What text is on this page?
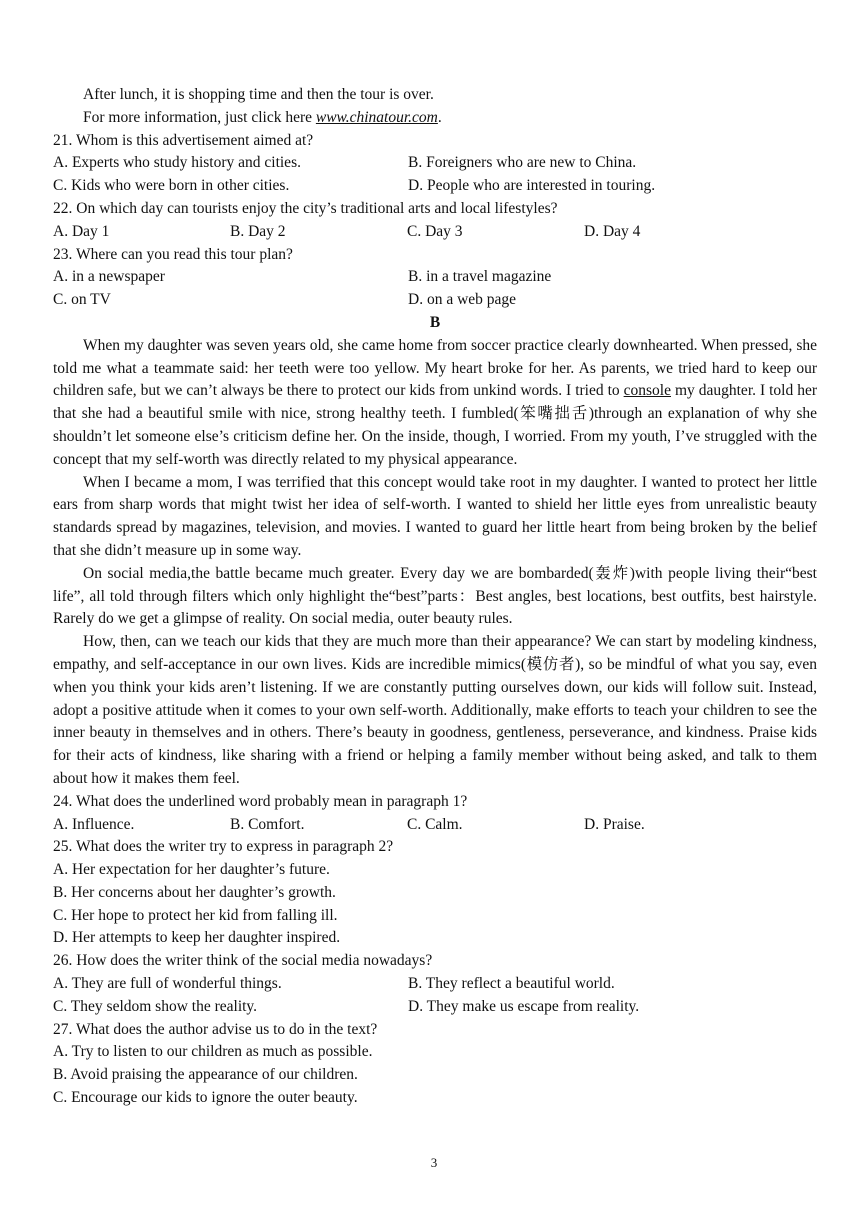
After lunch, it is shopping time and then the tour is over.
For more information, just click here www.chinatour.com.
21. Whom is this advertisement aimed at?
A. Experts who study history and cities.	B. Foreigners who are new to China.
C. Kids who were born in other cities.	D. People who are interested in touring.
22. On which day can tourists enjoy the city’s traditional arts and local lifestyles?
A. Day 1	B. Day 2	C. Day 3	D. Day 4
23. Where can you read this tour plan?
A. in a newspaper	B. in a travel magazine
C. on TV	D. on a web page
B
When my daughter was seven years old, she came home from soccer practice clearly downhearted. When pressed, she told me what a teammate said: her teeth were too yellow. My heart broke for her. As parents, we tried hard to keep our children safe, but we can’t always be there to protect our kids from unkind words. I tried to console my daughter. I told her that she had a beautiful smile with nice, strong healthy teeth. I fumbled(笨嘴拙舌)through an explanation of why she shouldn’t let someone else’s criticism define her. On the inside, though, I worried. From my youth, I’ve struggled with the concept that my self-worth was directly related to my physical appearance.
When I became a mom, I was terrified that this concept would take root in my daughter. I wanted to protect her little ears from sharp words that might twist her idea of self-worth. I wanted to shield her little eyes from unrealistic beauty standards spread by magazines, television, and movies. I wanted to guard her little heart from being broken by the belief that she didn’t measure up in some way.
On social media,the battle became much greater. Every day we are bombarded(轰炸)with people living their“best life”, all told through filters which only highlight the“best”parts：Best angles, best locations, best outfits, best hairstyle. Rarely do we get a glimpse of reality. On social media, outer beauty rules.
How, then, can we teach our kids that they are much more than their appearance? We can start by modeling kindness, empathy, and self-acceptance in our own lives. Kids are incredible mimics(模仿者), so be mindful of what you say, even when you think your kids aren’t listening. If we are constantly putting ourselves down, our kids will follow suit. Instead, adopt a positive attitude when it comes to your own self-worth. Additionally, make efforts to teach your children to see the inner beauty in themselves and in others. There’s beauty in goodness, gentleness, perseverance, and kindness. Praise kids for their acts of kindness, like sharing with a friend or helping a family member without being asked, and talk to them about how it makes them feel.
24. What does the underlined word probably mean in paragraph 1?
A. Influence.	B. Comfort.	C. Calm.	D. Praise.
25. What does the writer try to express in paragraph 2?
A. Her expectation for her daughter’s future.
B. Her concerns about her daughter’s growth.
C. Her hope to protect her kid from falling ill.
D. Her attempts to keep her daughter inspired.
26. How does the writer think of the social media nowadays?
A. They are full of wonderful things.	B. They reflect a beautiful world.
C. They seldom show the reality.	D. They make us escape from reality.
27. What does the author advise us to do in the text?
A. Try to listen to our children as much as possible.
B. Avoid praising the appearance of our children.
C. Encourage our kids to ignore the outer beauty.
3
